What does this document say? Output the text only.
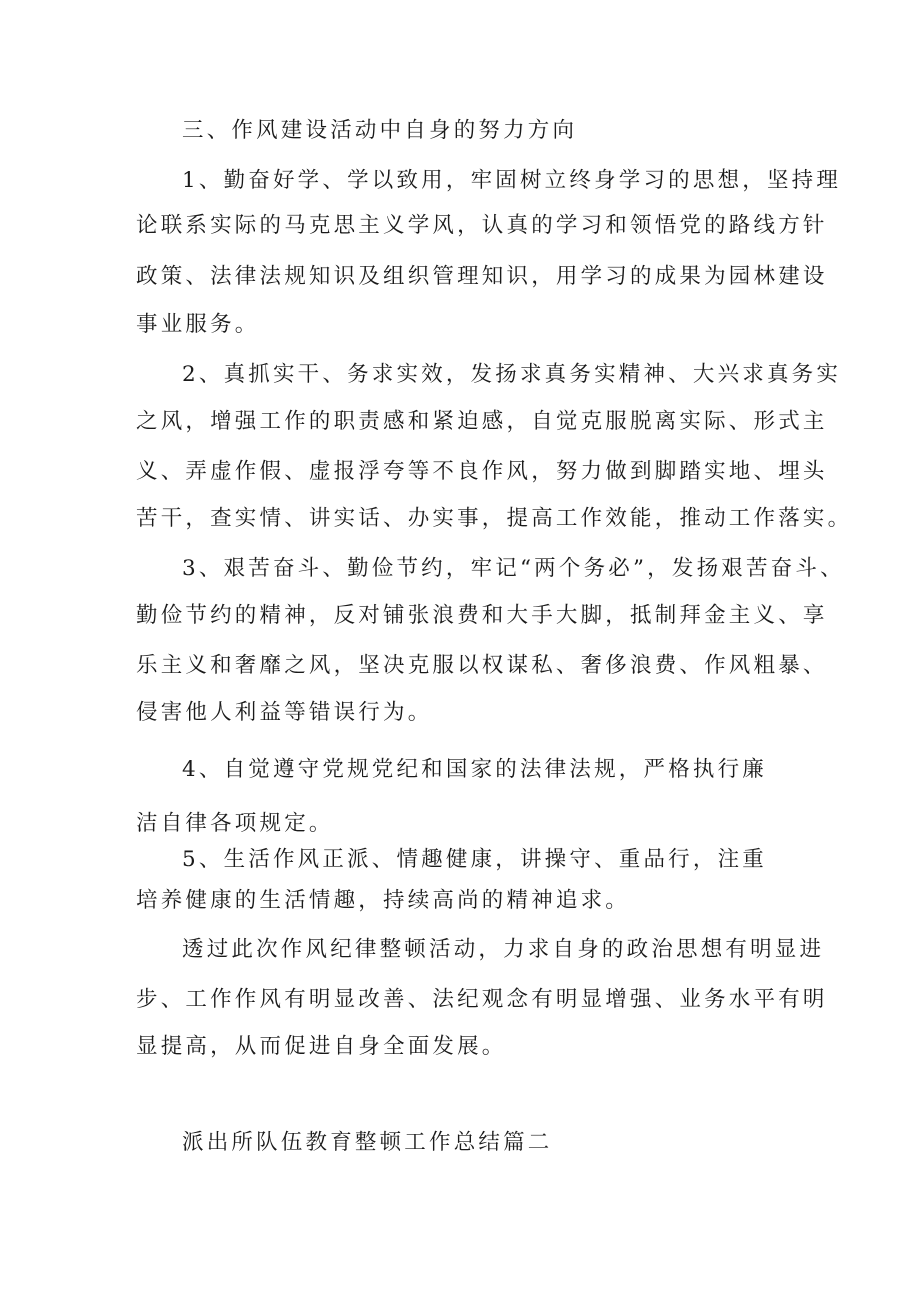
三、作风建设活动中自身的努力方向
1、勤奋好学、学以致用，牢固树立终身学习的思想，坚持理
论联系实际的马克思主义学风，认真的学习和领悟党的路线方针
政策、法律法规知识及组织管理知识，用学习的成果为园林建设
事业服务。
2、真抓实干、务求实效，发扬求真务实精神、大兴求真务实
之风，增强工作的职责感和紧迫感，自觉克服脱离实际、形式主
义、弄虚作假、虚报浮夸等不良作风，努力做到脚踏实地、埋头
苦干，查实情、讲实话、办实事，提高工作效能，推动工作落实。
3、艰苦奋斗、勤俭节约，牢记“两个务必”，发扬艰苦奋斗、
勤俭节约的精神，反对铺张浪费和大手大脚，抵制拜金主义、享
乐主义和奢靡之风，坚决克服以权谋私、奢侈浪费、作风粗暴、
侵害他人利益等错误行为。
4、自觉遵守党规党纪和国家的法律法规，严格执行廉
洁自律各项规定。
5、生活作风正派、情趣健康，讲操守、重品行，注重
培养健康的生活情趣，持续高尚的精神追求。
透过此次作风纪律整顿活动，力求自身的政治思想有明显进
步、工作作风有明显改善、法纪观念有明显增强、业务水平有明
显提高，从而促进自身全面发展。
派出所队伍教育整顿工作总结篇二
